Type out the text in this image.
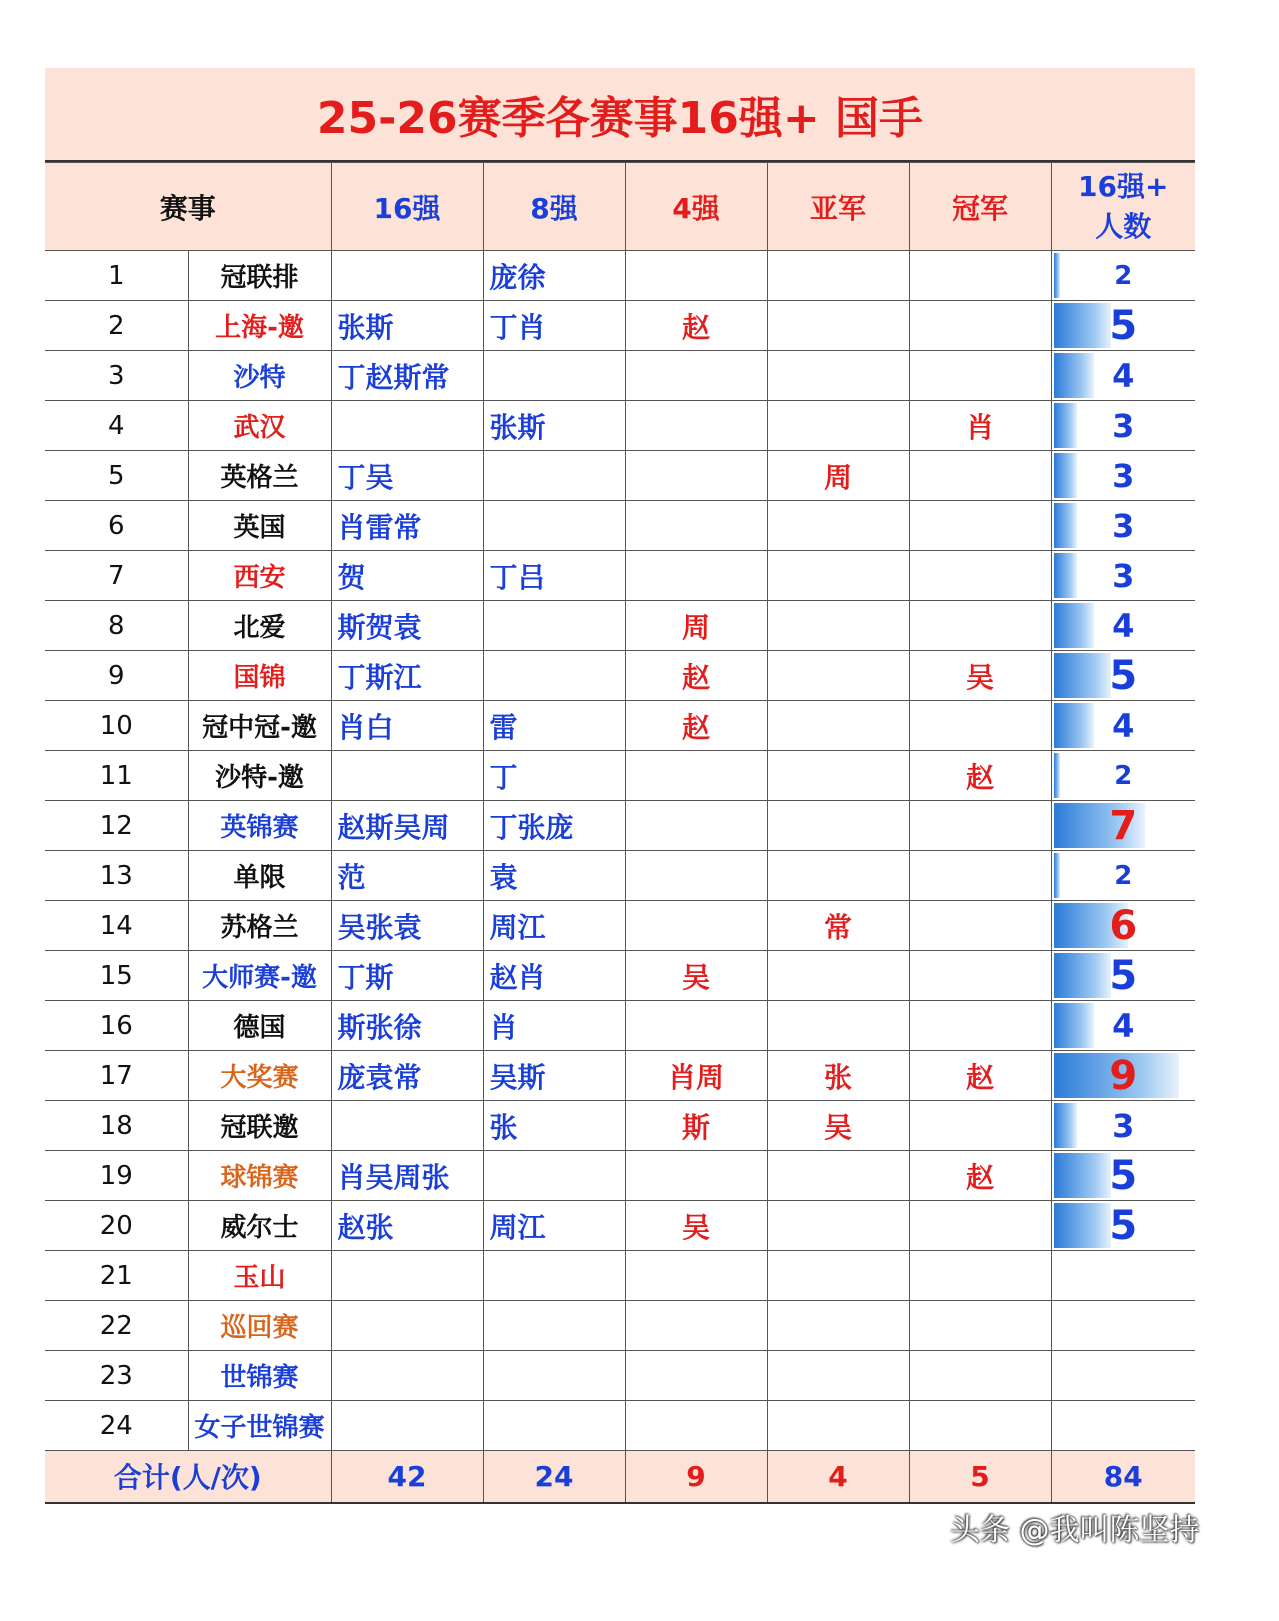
25-26赛季各赛事16强+ 国手
赛事		16强	8强	4强	亚军	冠军	16强+
人数

1	冠联排		庞徐				2

2	上海-邀	张斯	丁肖	赵			5

3	沙特	丁赵斯常					4

4	武汉		张斯			肖	3

5	英格兰	丁吴			周		3

6	英国	肖雷常					3

7	西安	贺	丁吕				3

8	北爱	斯贺袁		周			4

9	国锦	丁斯江		赵		吴	5

10	冠中冠-邀	肖白	雷	赵			4

11	沙特-邀		丁			赵	2

12	英锦赛	赵斯吴周	丁张庞				7

13	单限	范	袁				2

14	苏格兰	吴张袁	周江		常		6

15	大师赛-邀	丁斯	赵肖	吴			5

16	德国	斯张徐	肖				4

17	大奖赛	庞袁常	吴斯	肖周	张	赵	9

18	冠联邀		张	斯	吴		3

19	球锦赛	肖吴周张				赵	5

20	威尔士	赵张	周江	吴			5

21	玉山						
22	巡回赛						
23	世锦赛						
24	女子世锦赛						
合计(人/次)		42	24	9	4	5	84
头条 @我叫陈坚持
